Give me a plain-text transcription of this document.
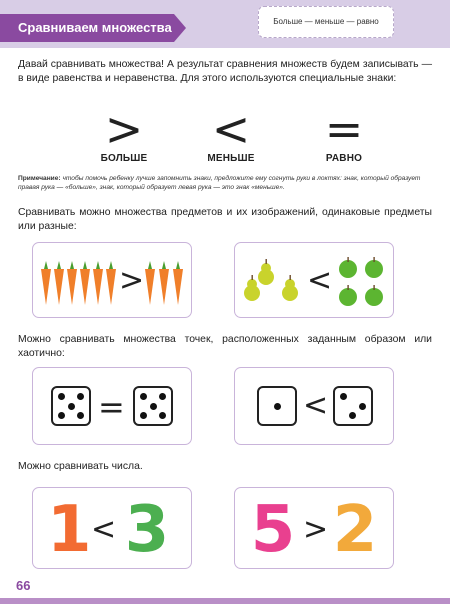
Сравниваем множества	Больше — меньше — равно
Давай сравнивать множества! А результат сравнения множеств будем записывать — в виде равенства и неравенства. Для этого используются специальные знаки:
> < =
БОЛЬШЕ	МЕНЬШЕ	РАВНО
Примечание: чтобы помочь ребенку лучше запомнить знаки, предложите ему согнуть руки в локтях: знак, который образует правая рука — «больше», знак, который образует левая рука — это знак «меньше».
Сравнивать можно множества предметов и их изображений, одинаковые предметы или разные:
>	<
Можно сравнивать множества точек, расположенных заданным образом или хаотично:
=	<
Можно сравнивать числа.
1 < 3 5 > 2
66
